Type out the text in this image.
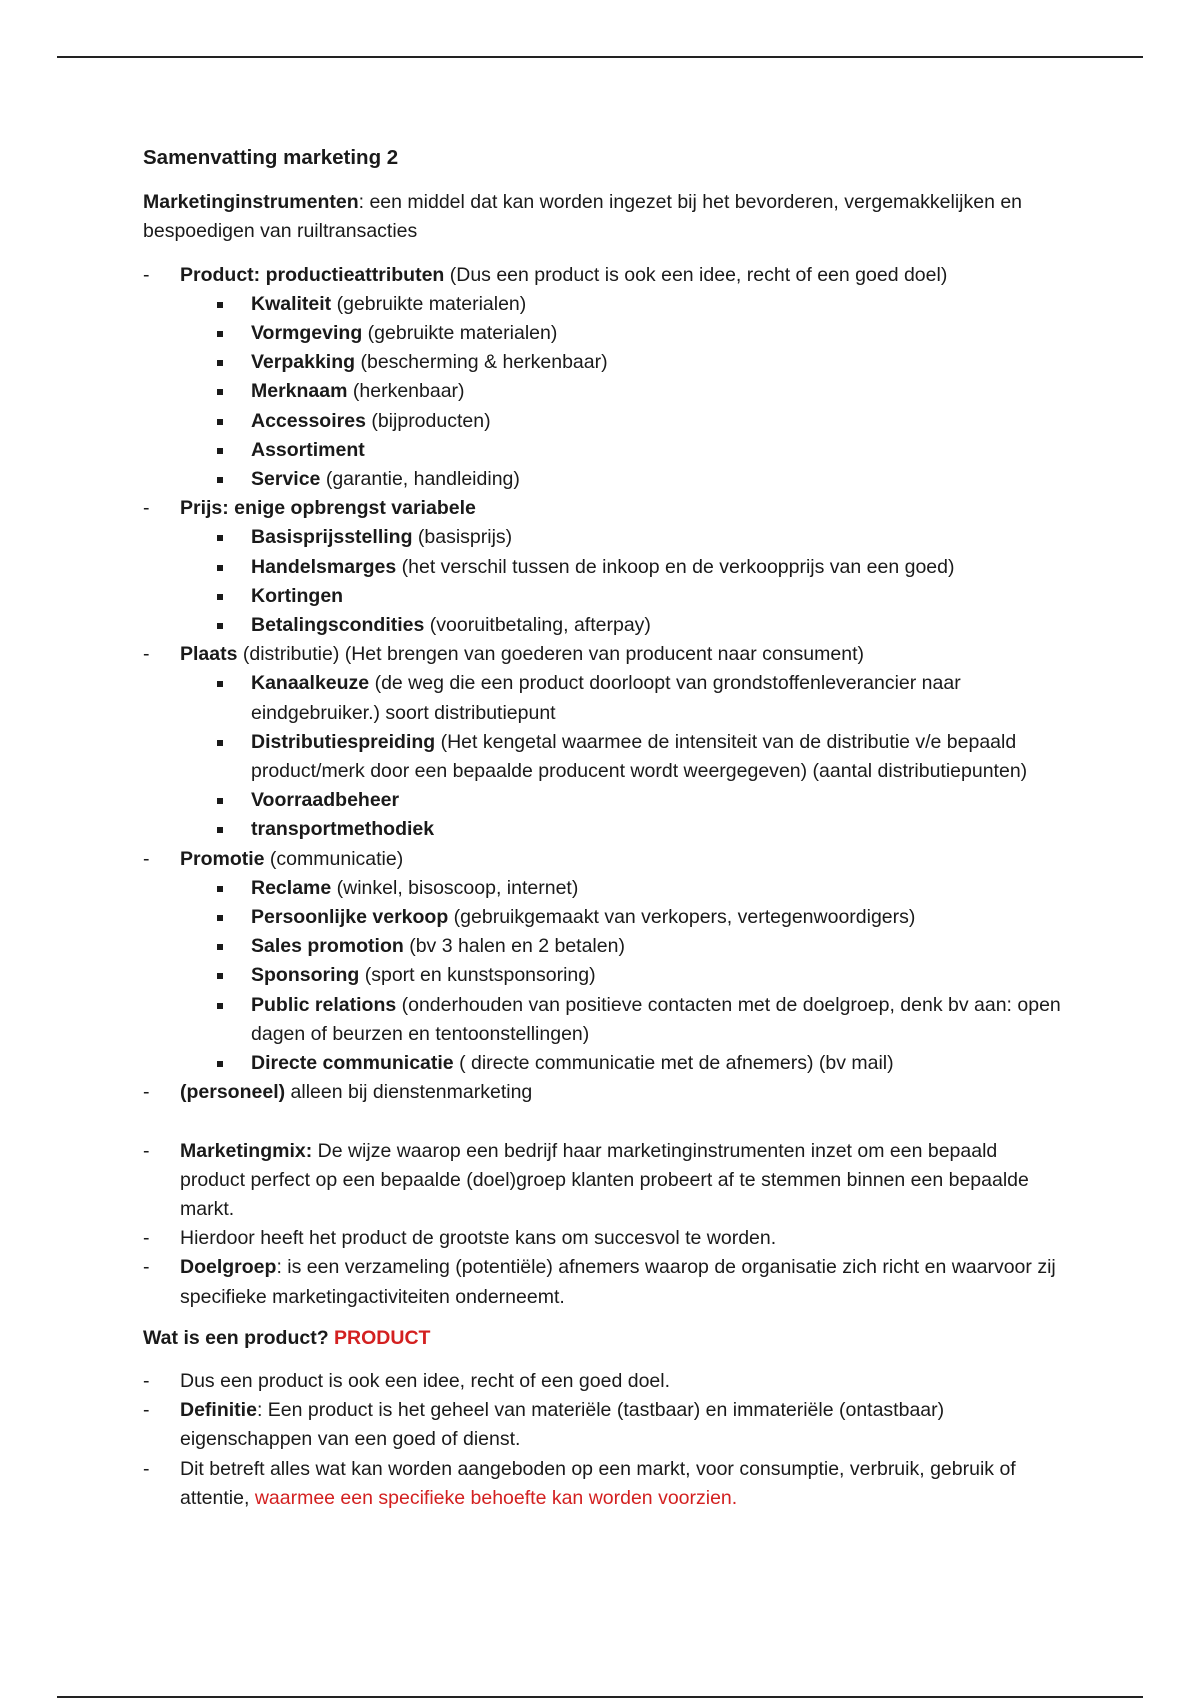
Samenvatting marketing 2

Marketinginstrumenten: een middel dat kan worden ingezet bij het bevorderen, vergemakkelijken en bespoedigen van ruiltransacties

- Product: productieattributen (Dus een product is ook een idee, recht of een goed doel)
Kwaliteit (gebruikte materialen)
Vormgeving (gebruikte materialen)
Verpakking (bescherming & herkenbaar)
Merknaam (herkenbaar)
Accessoires (bijproducten)
Assortiment
Service (garantie, handleiding)
- Prijs: enige opbrengst variabele
Basisprijsstelling (basisprijs)
Handelsmarges (het verschil tussen de inkoop en de verkoopprijs van een goed)
Kortingen
Betalingscondities (vooruitbetaling, afterpay)
- Plaats (distributie) (Het brengen van goederen van producent naar consument)
Kanaalkeuze (de weg die een product doorloopt van grondstoffenleverancier naar eindgebruiker.) soort distributiepunt
Distributiespreiding (Het kengetal waarmee de intensiteit van de distributie v/e bepaald product/merk door een bepaalde producent wordt weergegeven) (aantal distributiepunten)
Voorraadbeheer
transportmethodiek
- Promotie (communicatie)
Reclame (winkel, bisoscoop, internet)
Persoonlijke verkoop (gebruikgemaakt van verkopers, vertegenwoordigers)
Sales promotion (bv 3 halen en 2 betalen)
Sponsoring (sport en kunstsponsoring)
Public relations (onderhouden van positieve contacten met de doelgroep, denk bv aan: open dagen of beurzen en tentoonstellingen)
Directe communicatie ( directe communicatie met de afnemers) (bv mail)
- (personeel) alleen bij dienstenmarketing
- Marketingmix: De wijze waarop een bedrijf haar marketinginstrumenten inzet om een bepaald product perfect op een bepaalde (doel)groep klanten probeert af te stemmen binnen een bepaalde markt.
- Hierdoor heeft het product de grootste kans om succesvol te worden.
- Doelgroep: is een verzameling (potentiële) afnemers waarop de organisatie zich richt en waarvoor zij specifieke marketingactiviteiten onderneemt.

Wat is een product? PRODUCT

- Dus een product is ook een idee, recht of een goed doel.
- Definitie: Een product is het geheel van materiële (tastbaar) en immateriële (ontastbaar) eigenschappen van een goed of dienst.
- Dit betreft alles wat kan worden aangeboden op een markt, voor consumptie, verbruik, gebruik of attentie, waarmee een specifieke behoefte kan worden voorzien.
